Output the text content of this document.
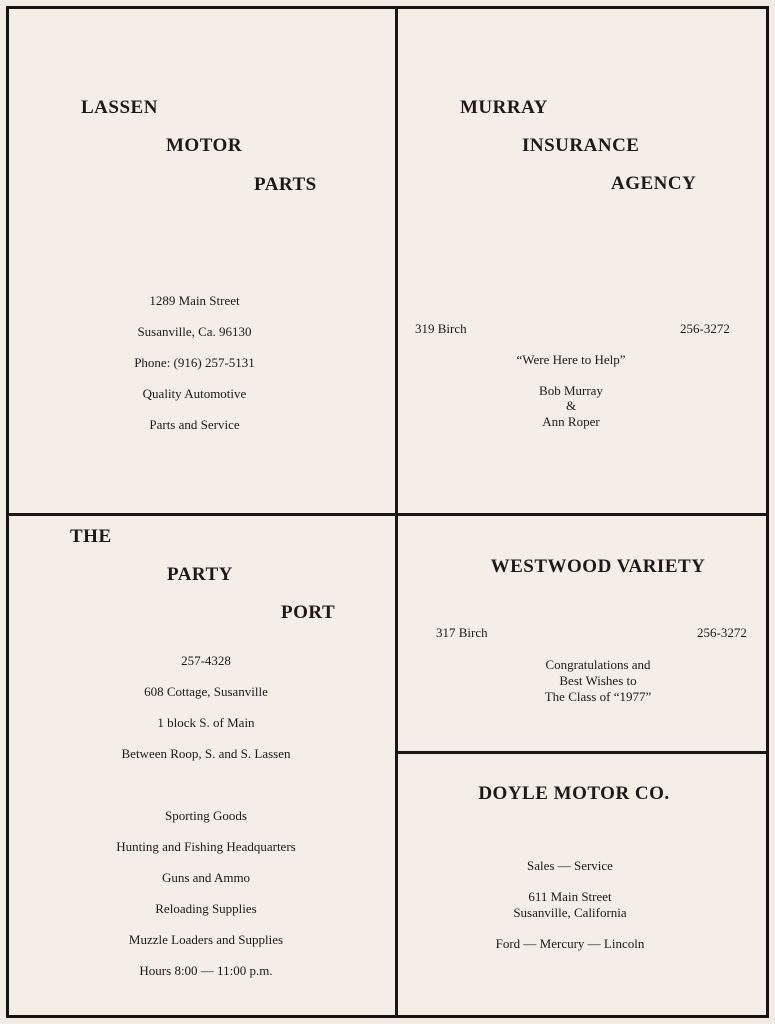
LASSEN
MOTOR
PARTS
1289 Main Street
Susanville, Ca. 96130
Phone: (916) 257-5131
Quality Automotive
Parts and Service
MURRAY
INSURANCE
AGENCY
319 Birch	256-3272
“Were Here to Help”
Bob Murray
&
Ann Roper
THE
PARTY
PORT
257-4328
608 Cottage, Susanville
1 block S. of Main
Between Roop, S. and S. Lassen
Sporting Goods
Hunting and Fishing Headquarters
Guns and Ammo
Reloading Supplies
Muzzle Loaders and Supplies
Hours 8:00 — 11:00 p.m.
WESTWOOD VARIETY
317 Birch	256-3272
Congratulations and
Best Wishes to
The Class of “1977”
DOYLE MOTOR CO.
Sales — Service
611 Main Street
Susanville, California
Ford — Mercury — Lincoln
